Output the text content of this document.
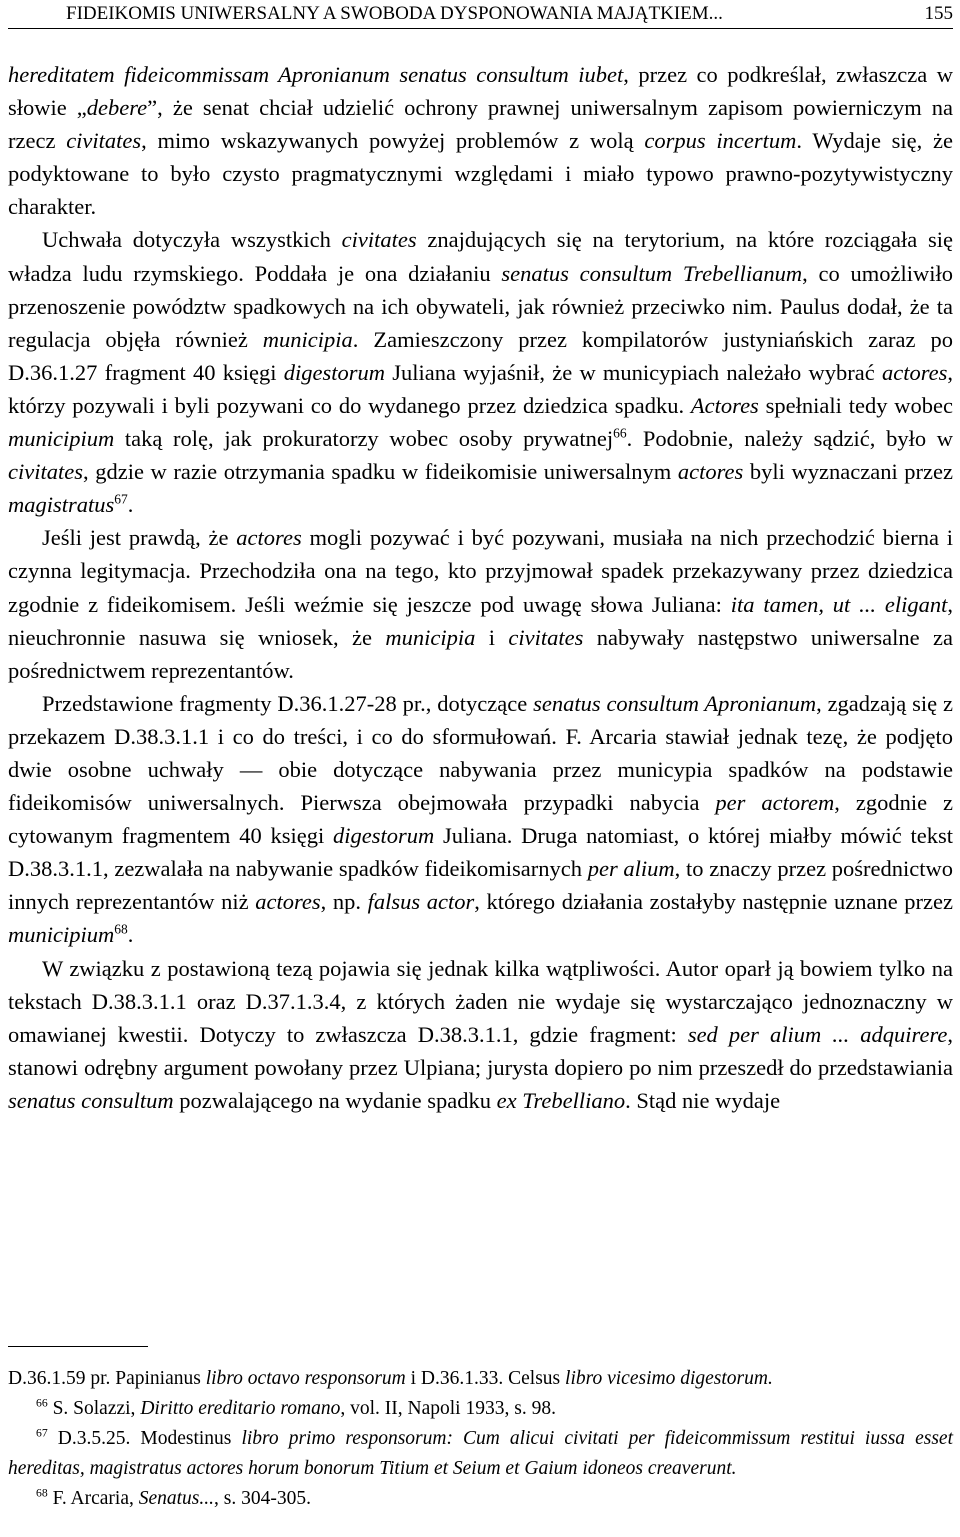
FIDEIKOMIS UNIWERSALNY A SWOBODA DYSPONOWANIA MAJĄTKIEM...	155

hereditatem fideicommissam Apronianum senatus consultum iubet, przez co podkreślał, zwłaszcza w słowie „debere”, że senat chciał udzielić ochrony prawnej uniwersalnym zapisom powierniczym na rzecz civitates, mimo wskazywanych powyżej problemów z wolą corpus incertum. Wydaje się, że podyktowane to było czysto pragmatycznymi względami i miało typowo prawno-pozytywistyczny charakter.

Uchwała dotyczyła wszystkich civitates znajdujących się na terytorium, na które rozciągała się władza ludu rzymskiego. Poddała je ona działaniu senatus consultum Trebellianum, co umożliwiło przenoszenie powództw spadkowych na ich obywateli, jak również przeciwko nim. Paulus dodał, że ta regulacja objęła również municipia. Zamieszczony przez kompilatorów justyniańskich zaraz po D.36.1.27 fragment 40 księgi digestorum Juliana wyjaśnił, że w municypiach należało wybrać actores, którzy pozywali i byli pozywani co do wydanego przez dziedzica spadku. Actores spełniali tedy wobec municipium taką rolę, jak prokuratorzy wobec osoby prywatnej$^{66}$. Podobnie, należy sądzić, było w civitates, gdzie w razie otrzymania spadku w fideikomisie uniwersalnym actores byli wyznaczani przez magistratus$^{67}$.

Jeśli jest prawdą, że actores mogli pozywać i być pozywani, musiała na nich przechodzić bierna i czynna legitymacja. Przechodziła ona na tego, kto przyjmował spadek przekazywany przez dziedzica zgodnie z fideikomisem. Jeśli weźmie się jeszcze pod uwagę słowa Juliana: ita tamen, ut ... eligant, nieuchronnie nasuwa się wniosek, że municipia i civitates nabywały następstwo uniwersalne za pośrednictwem reprezentantów.

Przedstawione fragmenty D.36.1.27-28 pr., dotyczące senatus consultum Apronianum, zgadzają się z przekazem D.38.3.1.1 i co do treści, i co do sformułowań. F. Arcaria stawiał jednak tezę, że podjęto dwie osobne uchwały — obie dotyczące nabywania przez municypia spadków na podstawie fideikomisów uniwersalnych. Pierwsza obejmowała przypadki nabycia per actorem, zgodnie z cytowanym fragmentem 40 księgi digestorum Juliana. Druga natomiast, o której miałby mówić tekst D.38.3.1.1, zezwalała na nabywanie spadków fideikomisarnych per alium, to znaczy przez pośrednictwo innych reprezentantów niż actores, np. falsus actor, którego działania zostałyby następnie uznane przez municipium$^{68}$.

W związku z postawioną tezą pojawia się jednak kilka wątpliwości. Autor oparł ją bowiem tylko na tekstach D.38.3.1.1 oraz D.37.1.3.4, z których żaden nie wydaje się wystarczająco jednoznaczny w omawianej kwestii. Dotyczy to zwłaszcza D.38.3.1.1, gdzie fragment: sed per alium ... adquirere, stanowi odrębny argument powołany przez Ulpiana; jurysta dopiero po nim przeszedł do przedstawiania senatus consultum pozwalającego na wydanie spadku ex Trebelliano. Stąd nie wydaje

D.36.1.59 pr. Papinianus libro octavo responsorum i D.36.1.33. Celsus libro vicesimo digestorum.

$^{66}$ S. Solazzi, Diritto ereditario romano, vol. II, Napoli 1933, s. 98.

$^{67}$ D.3.5.25. Modestinus libro primo responsorum: Cum alicui civitati per fideicommissum restitui iussa esset hereditas, magistratus actores horum bonorum Titium et Seium et Gaium idoneos creaverunt.

$^{68}$ F. Arcaria, Senatus..., s. 304-305.
